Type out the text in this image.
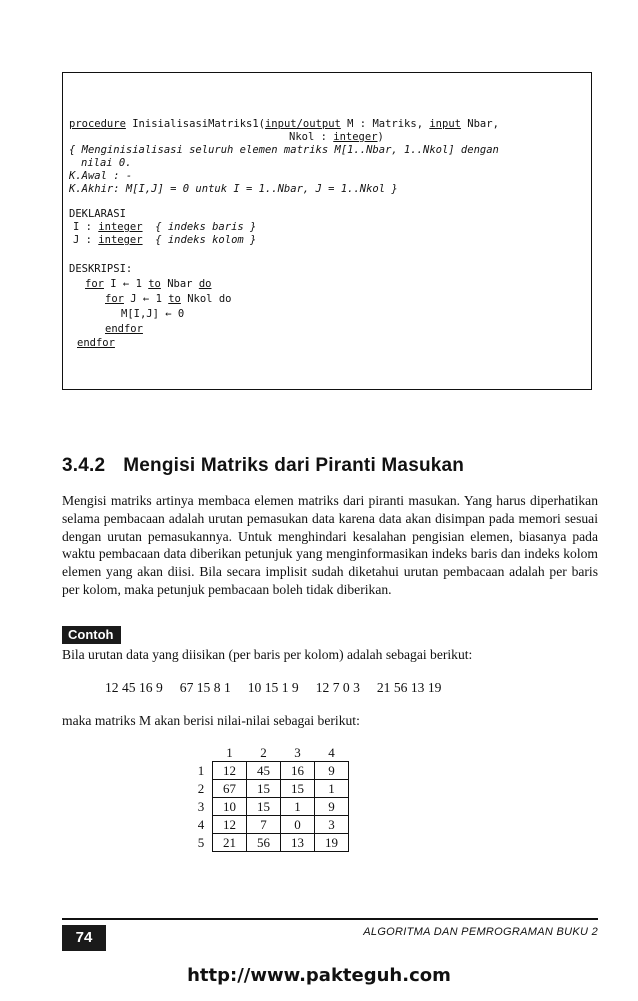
procedure InisialisasiMatriks1(input/output M : Matriks, input Nbar,
Nkol : integer)
{ Menginisialisasi seluruh elemen matriks M[1..Nbar, 1..Nkol] dengan
nilai 0.
K.Awal : -
K.Akhir: M[I,J] = 0 untuk I = 1..Nbar, J = 1..Nkol }
DEKLARASI
I : integer  { indeks baris }
J : integer  { indeks kolom }
DESKRIPSI:
for I ← 1 to Nbar do
for J ← 1 to Nkol do
M[I,J] ← 0
endfor
endfor
3.4.2 Mengisi Matriks dari Piranti Masukan
Mengisi matriks artinya membaca elemen matriks dari piranti masukan. Yang harus diperhatikan selama pembacaan adalah urutan pemasukan data karena data akan disimpan pada memori sesuai dengan urutan pemasukannya. Untuk menghindari kesalahan pengisian elemen, biasanya pada waktu pembacaan data diberikan petunjuk yang menginformasikan indeks baris dan indeks kolom elemen yang akan diisi. Bila secara implisit sudah diketahui urutan pembacaan adalah per baris per kolom, maka petunjuk pembacaan boleh tidak diberikan.
Contoh
Bila urutan data yang diisikan (per baris per kolom) adalah sebagai berikut:
12 45 16 9     67 15 8 1     10 15 1 9     12 7 0 3     21 56 13 19
maka matriks M akan berisi nilai-nilai sebagai berikut:
	1	2	3	4
1	12	45	16	9
2	67	15	15	1
3	10	15	1	9
4	12	7	0	3
5	21	56	13	19
74	ALGORITMA DAN PEMROGRAMAN BUKU 2
http://www.pakteguh.com
